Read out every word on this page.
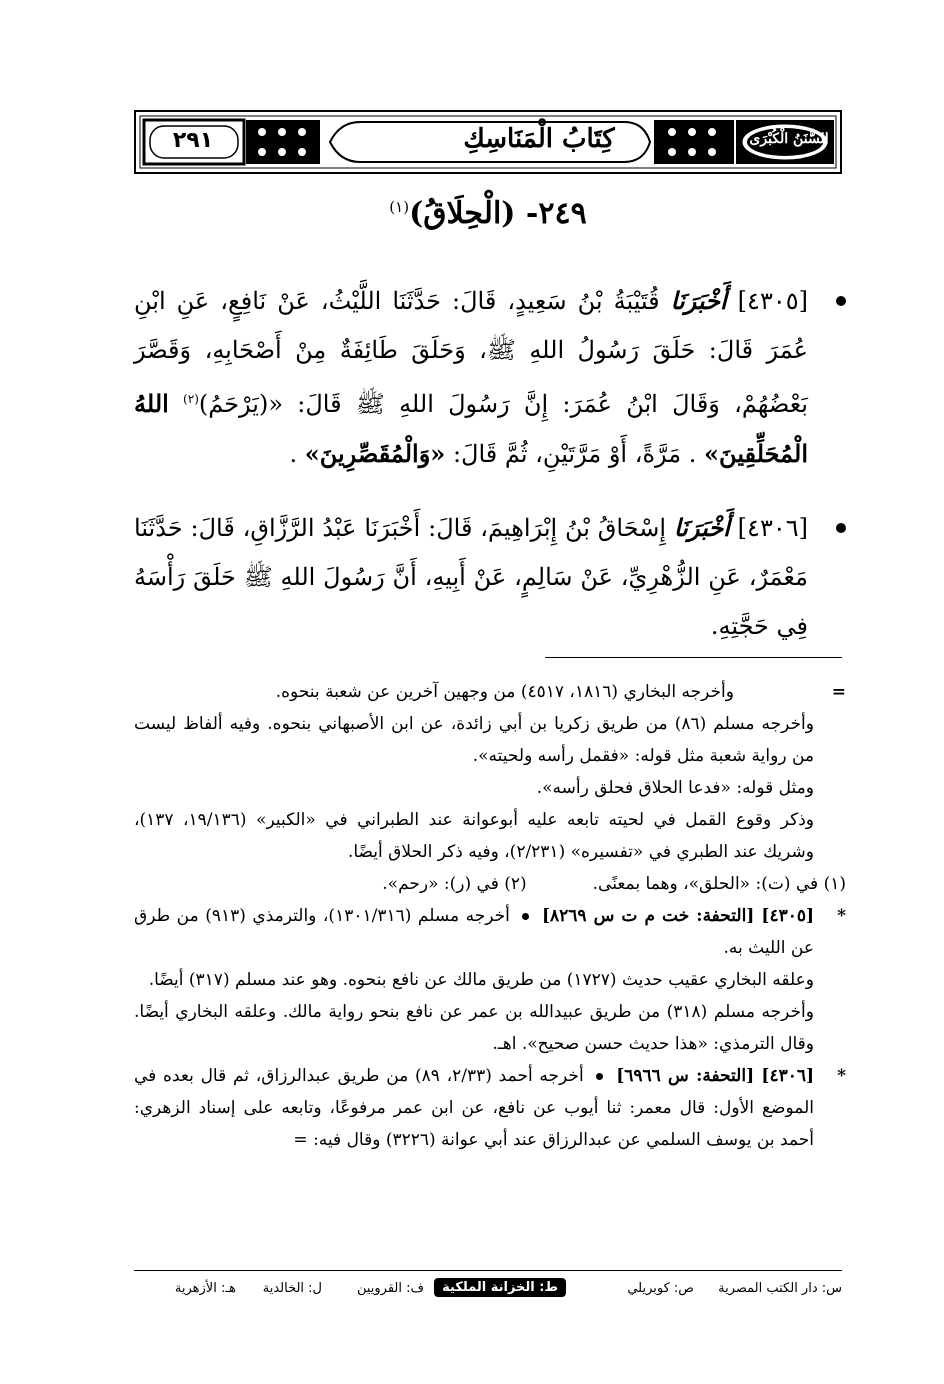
٢٩١	كِتَابُ الْمَنَاسِكِ	السُّنَنُ الْكُبْرَى
٢٤٩- (الْحِلَاقُ)$^{(١)}$

[٤٣٠٥] أَخْبَرَنَا قُتَيْبَةُ بْنُ سَعِيدٍ، قَالَ: حَدَّثَنَا اللَّيْثُ، عَنْ نَافِعٍ، عَنِ ابْنِ عُمَرَ قَالَ: حَلَقَ رَسُولُ اللهِ ﷺ، وَحَلَقَ طَائِفَةٌ مِنْ أَصْحَابِهِ، وَقَصَّرَ بَعْضُهُمْ، وَقَالَ ابْنُ عُمَرَ: إِنَّ رَسُولَ اللهِ ﷺ قَالَ: «(يَرْحَمُ)$^{(٢)}$ اللهُ الْمُحَلِّقِينَ» . مَرَّةً، أَوْ مَرَّتَيْنِ، ثُمَّ قَالَ: «وَالْمُقَصِّرِينَ» .

[٤٣٠٦] أَخْبَرَنَا إِسْحَاقُ بْنُ إِبْرَاهِيمَ، قَالَ: أَخْبَرَنَا عَبْدُ الرَّزَّاقِ، قَالَ: حَدَّثَنَا مَعْمَرٌ، عَنِ الزُّهْرِيِّ، عَنْ سَالِمٍ، عَنْ أَبِيهِ، أَنَّ رَسُولَ اللهِ ﷺ حَلَقَ رَأْسَهُ فِي حَجَّتِهِ.

=
وأخرجه البخاري (١٨١٦، ٤٥١٧) من وجهين آخرين عن شعبة بنحوه.

وأخرجه مسلم (٨٦) من طريق زكريا بن أبي زائدة، عن ابن الأصبهاني بنحوه. وفيه ألفاظ ليست من رواية شعبة مثل قوله: «فقمل رأسه ولحيته».

ومثل قوله: «فدعا الحلاق فحلق رأسه».

وذكر وقوع القمل في لحيته تابعه عليه أبوعوانة عند الطبراني في «الكبير» (١٩/١٣٦، ١٣٧)، وشريك عند الطبري في «تفسيره» (٢/٢٣١)، وفيه ذكر الحلاق أيضًا.

(١) في (ت): «الحلق»، وهما بمعنًى.
(٢) في (ر): «رحم».

*
[٤٣٠٥] [التحفة: خت م ت س ٨٢٦٩]  أخرجه مسلم (١٣٠١/٣١٦)، والترمذي (٩١٣) من طرق عن الليث به.

وعلقه البخاري عقيب حديث (١٧٢٧) من طريق مالك عن نافع بنحوه. وهو عند مسلم (٣١٧) أيضًا.

وأخرجه مسلم (٣١٨) من طريق عبيدالله بن عمر عن نافع بنحو رواية مالك. وعلقه البخاري أيضًا. وقال الترمذي: «هذا حديث حسن صحيح». اهـ.

*
[٤٣٠٦] [التحفة: س ٦٩٦٦]  أخرجه أحمد (٢/٣٣، ٨٩) من طريق عبدالرزاق، ثم قال بعده في الموضع الأول: قال معمر: ثنا أيوب عن نافع، عن ابن عمر مرفوعًا، وتابعه على إسناد الزهري: أحمد بن يوسف السلمي عن عبدالرزاق عند أبي عوانة (٣٢٢٦) وقال فيه: =

س: دار الكتب المصرية
ص: كوبريلي
ط: الخزانة الملكية
ف: القرويين
ل: الخالدية
هـ: الأزهرية
